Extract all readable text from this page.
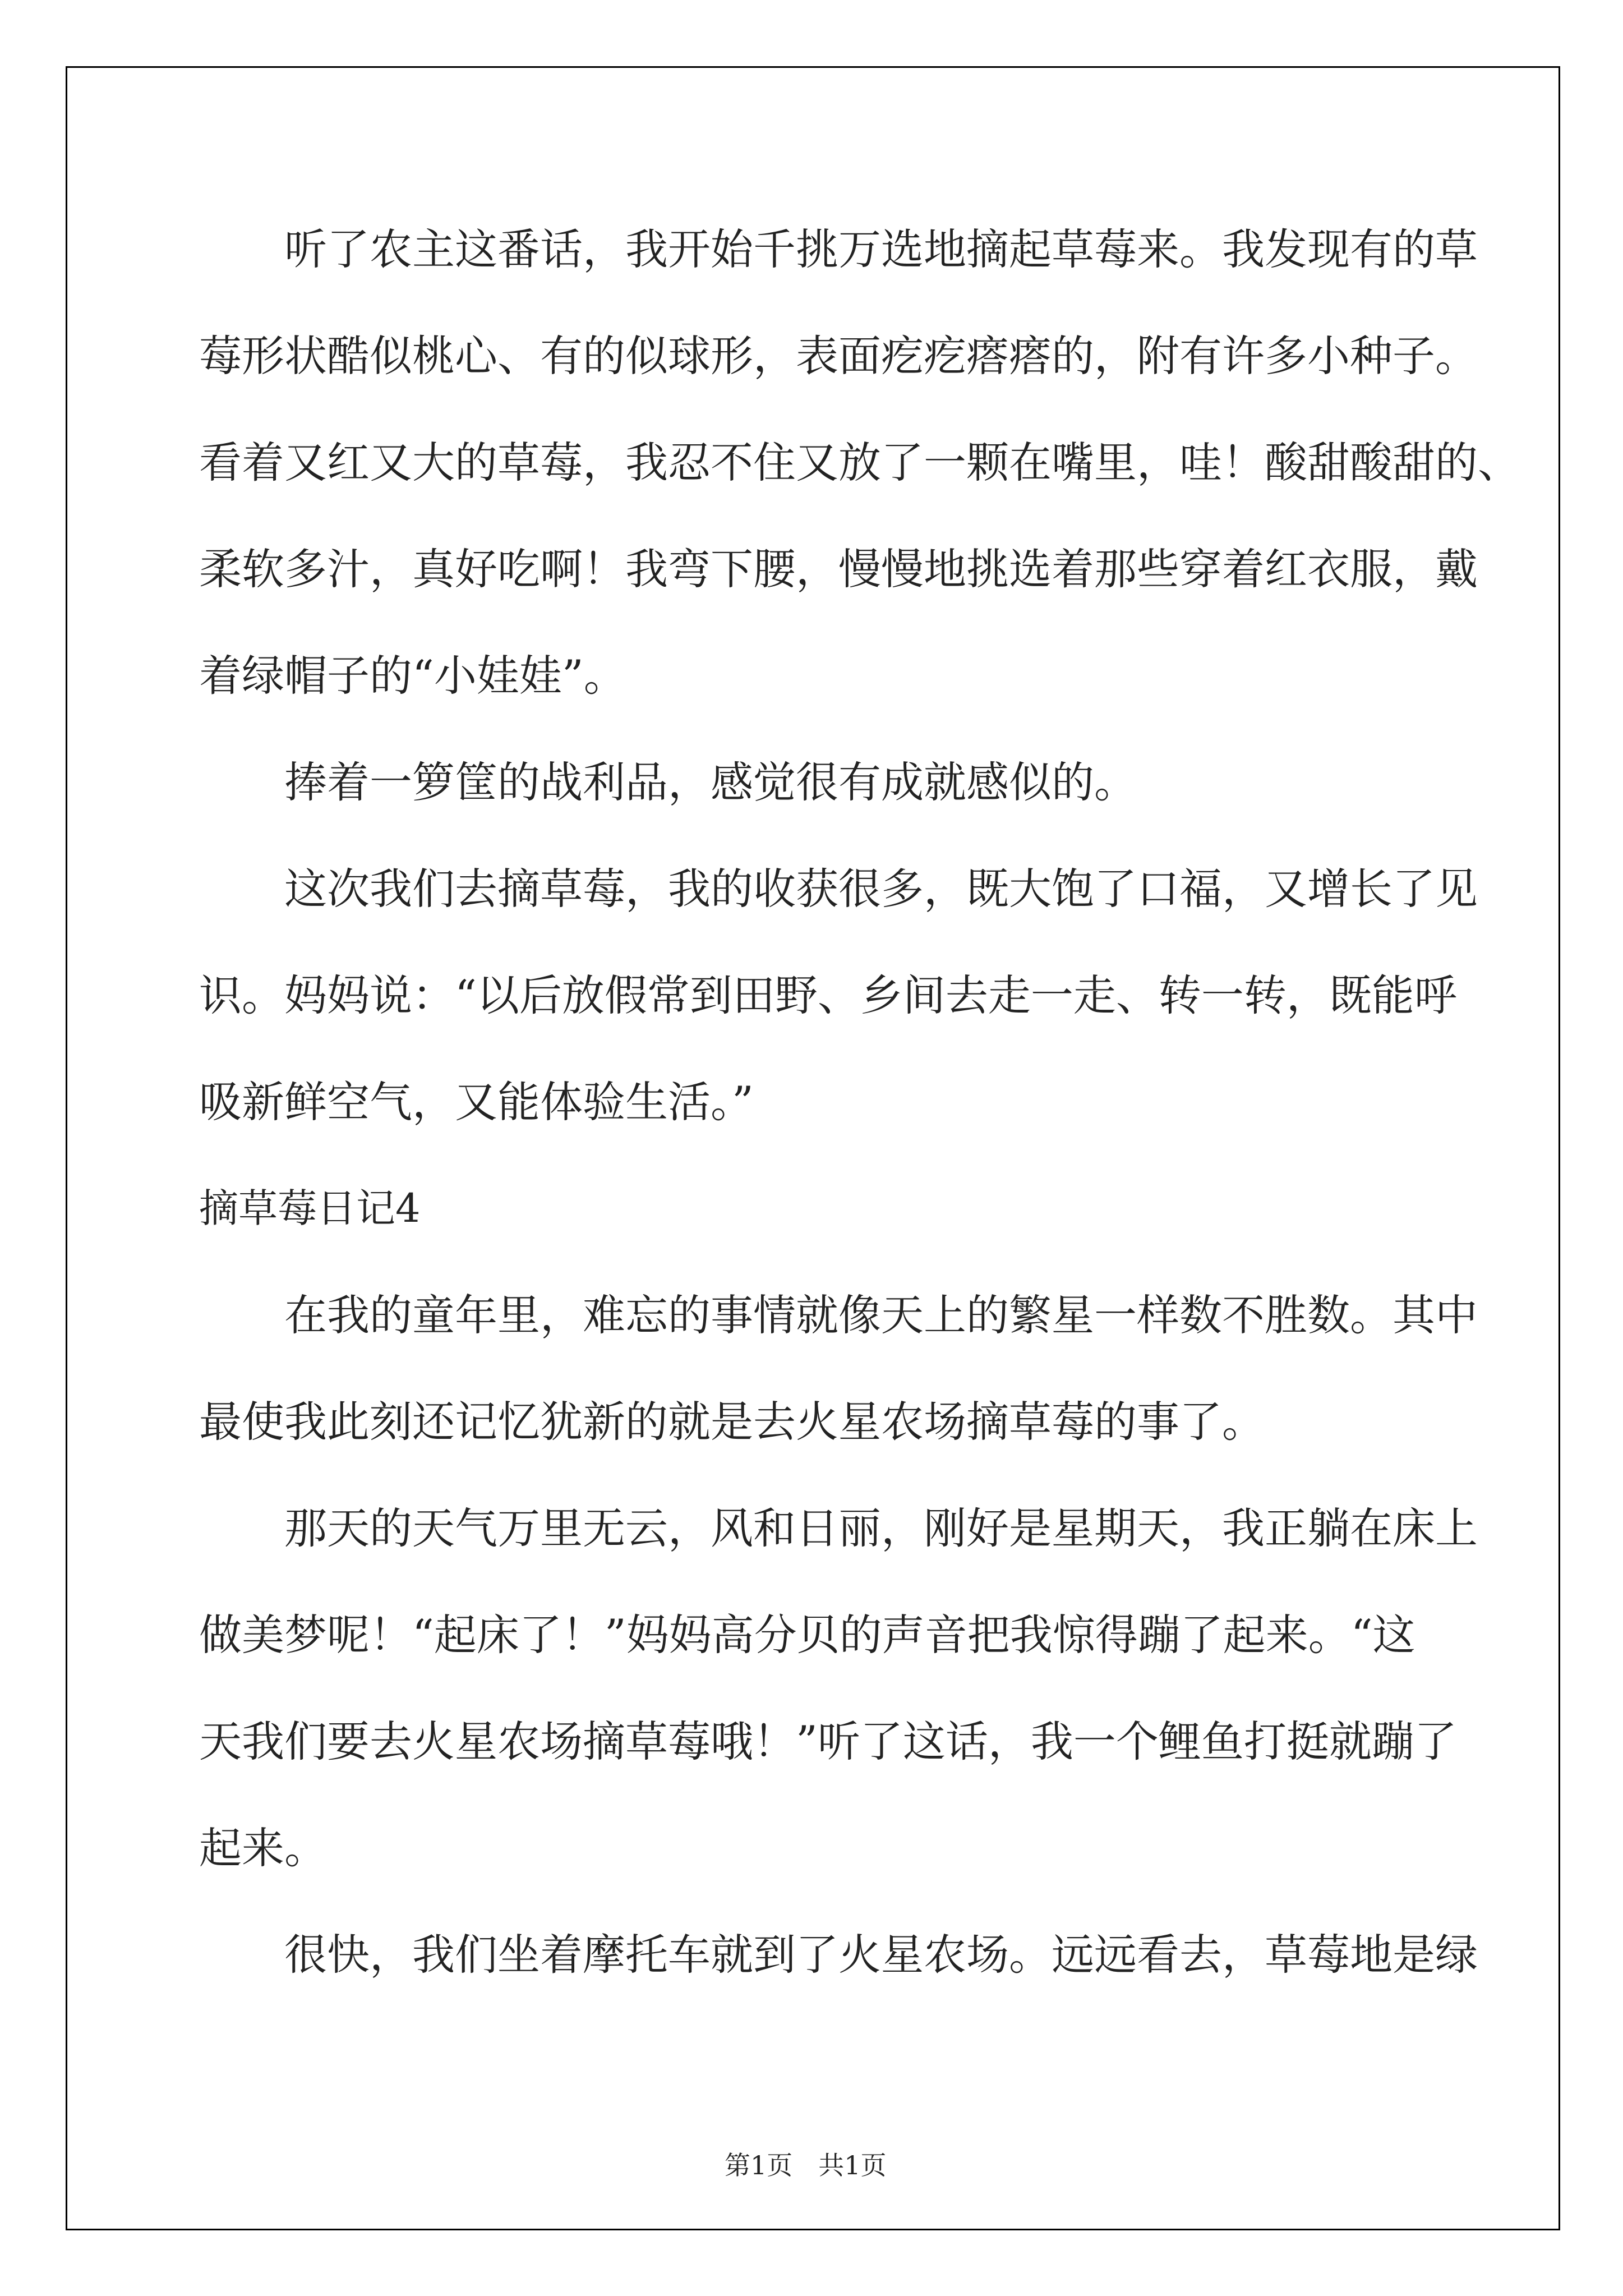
　　听了农主这番话，我开始千挑万选地摘起草莓来。我发现有的草
莓形状酷似桃心、有的似球形，表面疙疙瘩瘩的，附有许多小种子。
看着又红又大的草莓，我忍不住又放了一颗在嘴里，哇！酸甜酸甜的、
柔软多汁，真好吃啊！我弯下腰，慢慢地挑选着那些穿着红衣服，戴
着绿帽子的“小娃娃”。
　　捧着一箩筐的战利品，感觉很有成就感似的。
　　这次我们去摘草莓，我的收获很多，既大饱了口福，又增长了见
识。妈妈说：“以后放假常到田野、乡间去走一走、转一转，既能呼
吸新鲜空气，又能体验生活。”
摘草莓日记4
　　在我的童年里，难忘的事情就像天上的繁星一样数不胜数。其中
最使我此刻还记忆犹新的就是去火星农场摘草莓的事了。
　　那天的天气万里无云，风和日丽，刚好是星期天，我正躺在床上
做美梦呢！“起床了！”妈妈高分贝的声音把我惊得蹦了起来。“这
天我们要去火星农场摘草莓哦！”听了这话，我一个鲤鱼打挺就蹦了
起来。
　　很快，我们坐着摩托车就到了火星农场。远远看去，草莓地是绿
第1页 共1页
